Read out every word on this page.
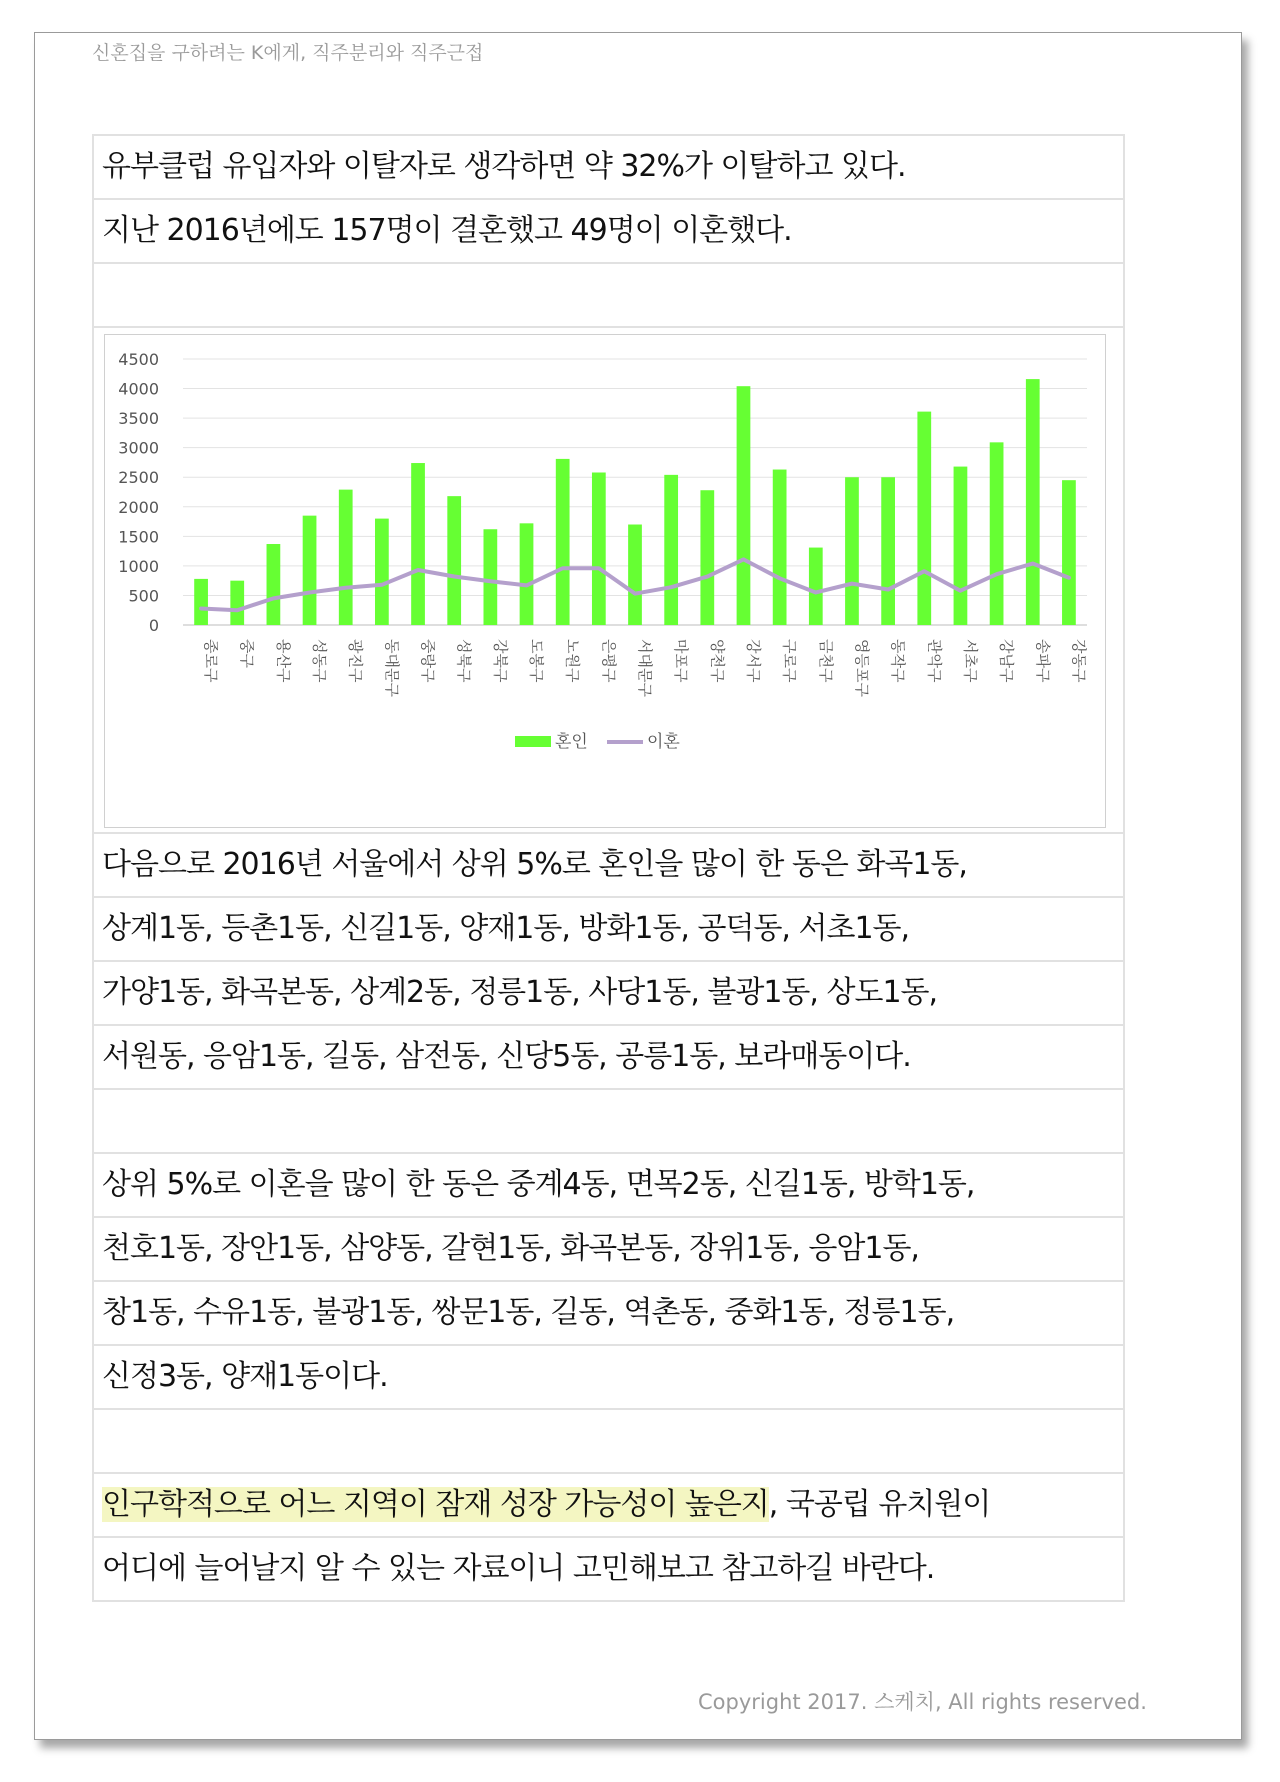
신혼집을 구하려는 K에게, 직주분리와 직주근접
유부클럽 유입자와 이탈자로 생각하면 약 32%가 이탈하고 있다.
지난 2016년에도 157명이 결혼했고 49명이 이혼했다.
0
500
1000
1500
2000
2500
3000
3500
4000
4500
종로구 중구 용산구 성동구 광진구 동대문구 중랑구 성북구 강북구 도봉구 노원구 은평구 서대문구 마포구 양천구 강서구 구로구 금천구 영등포구 동작구 관악구 서초구 강남구 송파구 강동구
혼인	이혼
다음으로 2016년 서울에서 상위 5%로 혼인을 많이 한 동은 화곡1동,
상계1동, 등촌1동, 신길1동, 양재1동, 방화1동, 공덕동, 서초1동,
가양1동, 화곡본동, 상계2동, 정릉1동, 사당1동, 불광1동, 상도1동,
서원동, 응암1동, 길동, 삼전동, 신당5동, 공릉1동, 보라매동이다.
상위 5%로 이혼을 많이 한 동은 중계4동, 면목2동, 신길1동, 방학1동,
천호1동, 장안1동, 삼양동, 갈현1동, 화곡본동, 장위1동, 응암1동,
창1동, 수유1동, 불광1동, 쌍문1동, 길동, 역촌동, 중화1동, 정릉1동,
신정3동, 양재1동이다.
인구학적으로 어느 지역이 잠재 성장 가능성이 높은지, 국공립 유치원이
어디에 늘어날지 알 수 있는 자료이니 고민해보고 참고하길 바란다.
Copyright 2017. 스케치, All rights reserved.
